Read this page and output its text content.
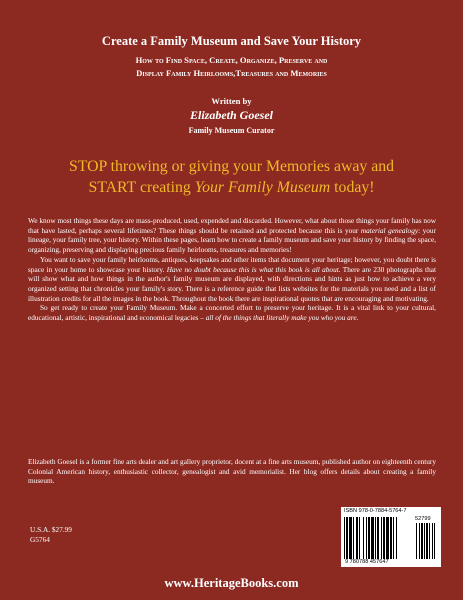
Create a Family Museum and Save Your History
How to Find Space, Create, Organize, Preserve and
Display Family Heirlooms,Treasures and Memories
Written by
Elizabeth Goesel
Family Museum Curator
STOP throwing or giving your Memories away and
START creating Your Family Museum today!

We know most things these days are mass-produced, used, expended and discarded. However, what about those things your family has now that have lasted, perhaps several lifetimes? These things should be retained and protected because this is your material genealogy: your lineage, your family tree, your history. Within these pages, learn how to create a family museum and save your history by finding the space, organizing, preserving and displaying precious family heirlooms, treasures and memories!

You want to save your family heirlooms, antiques, keepsakes and other items that document your heritage; however, you doubt there is space in your home to showcase your history. Have no doubt because this is what this book is all about. There are 230 photographs that will show what and how things in the author's family museum are displayed, with directions and hints as just how to achieve a very organized setting that chronicles your family's story. There is a reference guide that lists websites for the materials you need and a list of illustration credits for all the images in the book. Throughout the book there are inspirational quotes that are encouraging and motivating.

So get ready to create your Family Museum. Make a concerted effort to preserve your heritage. It is a vital link to your cultural, educational, artistic, inspirational and economical legacies – all of the things that literally make you who you are.

Elizabeth Goesel is a former fine arts dealer and art gallery proprietor, docent at a fine arts museum, published author on eighteenth century Colonial American history, enthusiastic collector, genealogist and avid memorialist. Her blog offers details about creating a family museum.
U.S.A. $27.99
G5764
ISBN 978-0-7884-5764-7
52799
9 780788 457647
www.HeritageBooks.com
